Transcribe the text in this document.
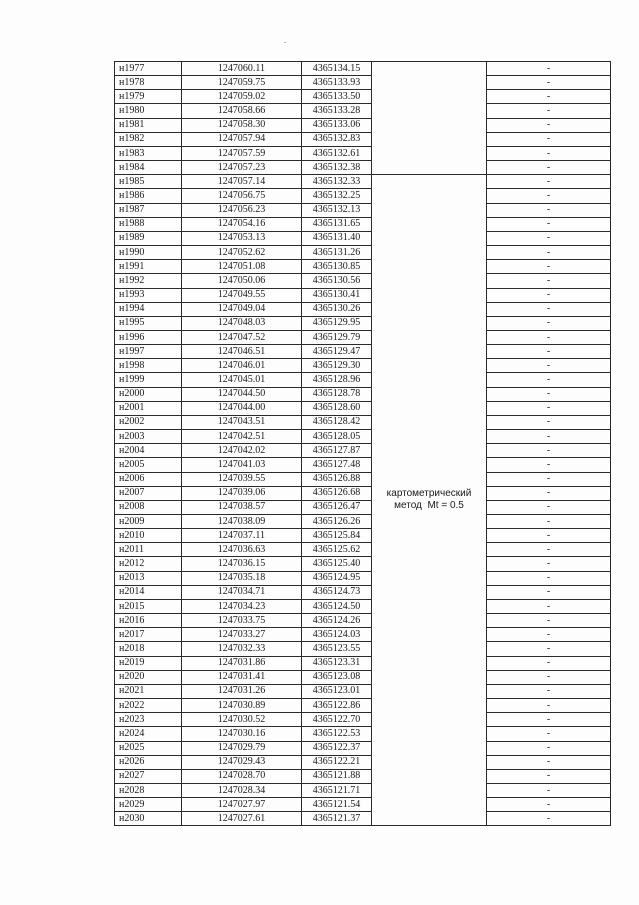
н1977	1247060.11	4365134.15		-
н1978	1247059.75	4365133.93		-
н1979	1247059.02	4365133.50		-
н1980	1247058.66	4365133.28		-
н1981	1247058.30	4365133.06		-
н1982	1247057.94	4365132.83		-
н1983	1247057.59	4365132.61		-
н1984	1247057.23	4365132.38		-
н1985	1247057.14	4365132.33	картометрический
метод  Mt = 0.5	-
н1986	1247056.75	4365132.25		-
н1987	1247056.23	4365132.13		-
н1988	1247054.16	4365131.65		-
н1989	1247053.13	4365131.40		-
н1990	1247052.62	4365131.26		-
н1991	1247051.08	4365130.85		-
н1992	1247050.06	4365130.56		-
н1993	1247049.55	4365130.41		-
н1994	1247049.04	4365130.26		-
н1995	1247048.03	4365129.95		-
н1996	1247047.52	4365129.79		-
н1997	1247046.51	4365129.47		-
н1998	1247046.01	4365129.30		-
н1999	1247045.01	4365128.96		-
н2000	1247044.50	4365128.78		-
н2001	1247044.00	4365128.60		-
н2002	1247043.51	4365128.42		-
н2003	1247042.51	4365128.05		-
н2004	1247042.02	4365127.87		-
н2005	1247041.03	4365127.48		-
н2006	1247039.55	4365126.88		-
н2007	1247039.06	4365126.68		-
н2008	1247038.57	4365126.47		-
н2009	1247038.09	4365126.26		-
н2010	1247037.11	4365125.84		-
н2011	1247036.63	4365125.62		-
н2012	1247036.15	4365125.40		-
н2013	1247035.18	4365124.95		-
н2014	1247034.71	4365124.73		-
н2015	1247034.23	4365124.50		-
н2016	1247033.75	4365124.26		-
н2017	1247033.27	4365124.03		-
н2018	1247032.33	4365123.55		-
н2019	1247031.86	4365123.31		-
н2020	1247031.41	4365123.08		-
н2021	1247031.26	4365123.01		-
н2022	1247030.89	4365122.86		-
н2023	1247030.52	4365122.70		-
н2024	1247030.16	4365122.53		-
н2025	1247029.79	4365122.37		-
н2026	1247029.43	4365122.21		-
н2027	1247028.70	4365121.88		-
н2028	1247028.34	4365121.71		-
н2029	1247027.97	4365121.54		-
н2030	1247027.61	4365121.37		-
